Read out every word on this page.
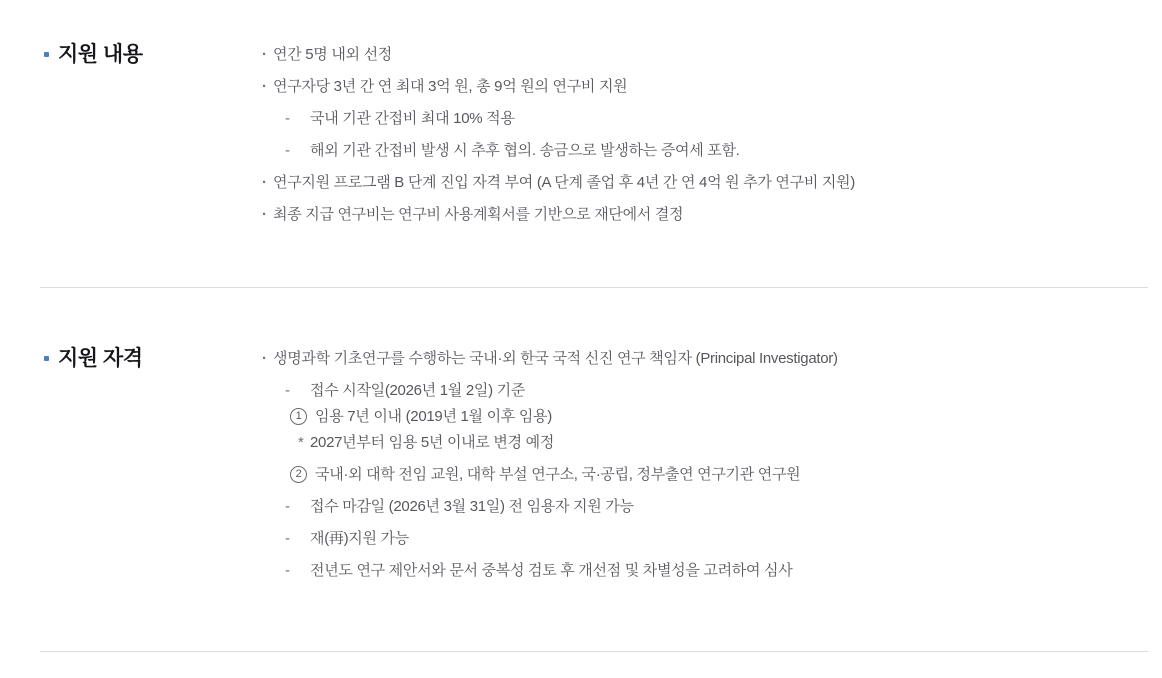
지원 내용	· 연간 5명 내외 선정
· 연구자당 3년 간 연 최대 3억 원, 총 9억 원의 연구비 지원
-	국내 기관 간접비 최대 10% 적용
-	해외 기관 간접비 발생 시 추후 협의. 송금으로 발생하는 증여세 포함.
· 연구지원 프로그램 B 단계 진입 자격 부여 (A 단계 졸업 후 4년 간 연 4억 원 추가 연구비 지원)
· 최종 지급 연구비는 연구비 사용계획서를 기반으로 재단에서 결정
지원 자격	· 생명과학 기초연구를 수행하는 국내·외 한국 국적 신진 연구 책임자 (Principal Investigator)
-	접수 시작일(2026년 1월 2일) 기준
1 임용 7년 이내 (2019년 1월 이후 임용)
* 2027년부터 임용 5년 이내로 변경 예정
2 국내·외 대학 전임 교원, 대학 부설 연구소, 국·공립, 정부출연 연구기관 연구원
-	접수 마감일 (2026년 3월 31일) 전 임용자 지원 가능
-	재(再)지원 가능
-	전년도 연구 제안서와 문서 중복성 검토 후 개선점 및 차별성을 고려하여 심사
